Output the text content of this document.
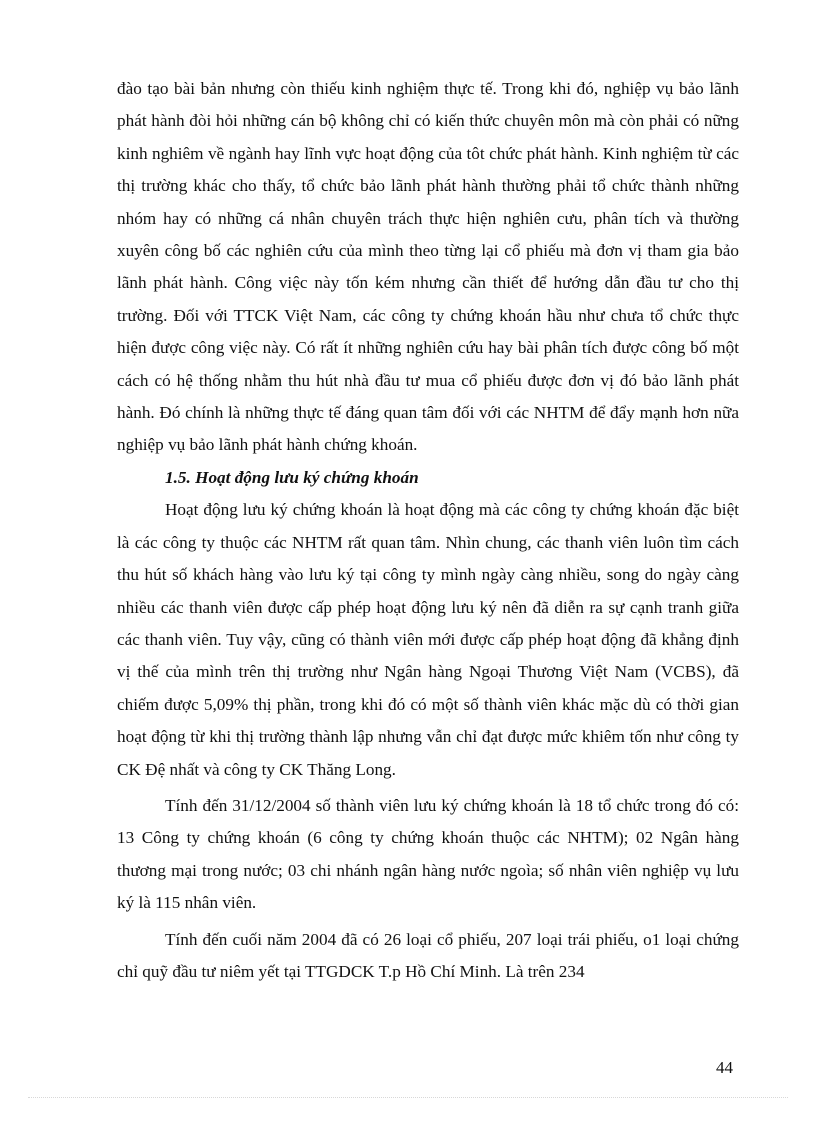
đào tạo bài bản nhưng còn thiếu kinh nghiệm thực tế. Trong khi đó, nghiệp vụ bảo lãnh phát hành đòi hỏi những cán bộ không chỉ có kiến thức chuyên môn mà còn phải có nững kinh nghiêm về ngành hay lĩnh vực hoạt động của tôt chức phát hành. Kinh nghiệm từ các thị trường khác cho thấy, tổ chức bảo lãnh phát hành thường phải tổ chức thành những nhóm hay có những cá nhân chuyên trách thực hiện nghiên cưu, phân tích và thường xuyên công bố các nghiên cứu của mình theo từng lại cổ phiếu mà đơn vị tham gia bảo lãnh phát hành. Công việc này tốn kém nhưng cần thiết để hướng dẫn đầu tư cho thị trường. Đối với TTCK Việt Nam, các công ty chứng khoán hầu như chưa tổ chức thực hiện được công việc này. Có rất ít những nghiên cứu hay bài phân tích được công bố một cách có hệ thống nhằm thu hút nhà đầu tư mua cổ phiếu được đơn vị đó bảo lãnh phát hành. Đó chính là những thực tế đáng quan tâm đối với các NHTM để đẩy mạnh hơn nữa nghiệp vụ bảo lãnh phát hành chứng khoán.

1.5. Hoạt động lưu ký chứng khoán

Hoạt động lưu ký chứng khoán là hoạt động mà các công ty chứng khoán đặc biệt là các công ty thuộc các NHTM rất quan tâm. Nhìn chung, các thanh viên luôn tìm cách thu hút số khách hàng vào lưu ký tại công ty mình ngày càng nhiều, song do ngày càng nhiều các thanh viên được cấp phép hoạt động lưu ký nên đã diễn ra sự cạnh tranh giữa các thanh viên. Tuy vậy, cũng có thành viên mới được cấp phép hoạt động đã khẳng định vị thế của mình trên thị trường như Ngân hàng Ngoại Thương Việt Nam (VCBS), đã chiếm được 5,09% thị phần, trong khi đó có một số thành viên khác mặc dù có thời gian hoạt động từ khi thị trường thành lập nhưng vẫn chỉ đạt được mức khiêm tốn như công ty CK Đệ nhất và công ty CK Thăng Long.

Tính đến 31/12/2004 số thành viên lưu ký chứng khoán là 18 tổ chức trong đó có: 13 Công ty chứng khoán (6 công ty chứng khoán thuộc các NHTM); 02 Ngân hàng thương mại trong nước; 03 chi nhánh ngân hàng nước ngoìa; số nhân viên nghiệp vụ lưu ký là 115 nhân viên.

Tính đến cuối năm 2004 đã có 26 loại cổ phiếu, 207 loại trái phiếu, o1 loại chứng chỉ quỹ đầu tư niêm yết tại TTGDCK T.p Hồ Chí Minh. Là trên 234

44
